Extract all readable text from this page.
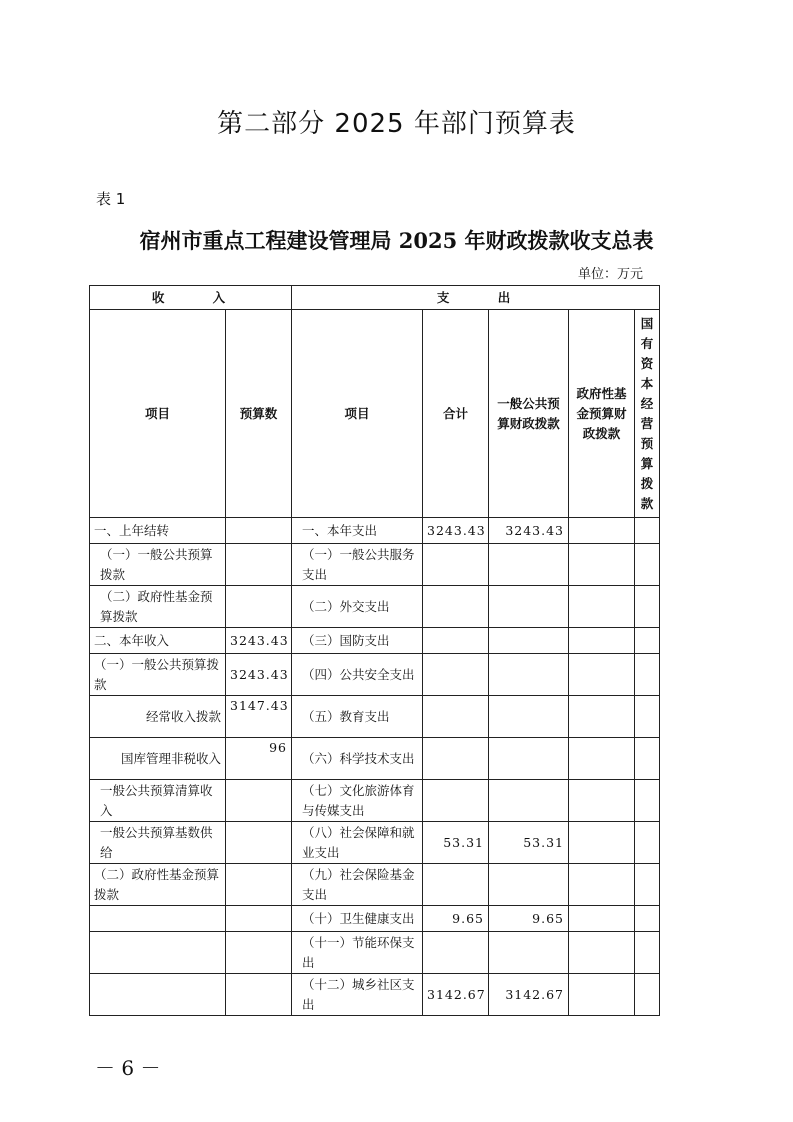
第二部分 2025 年部门预算表
表 1
宿州市重点工程建设管理局 2025 年财政拨款收支总表
单位：万元
收 入		支 出				
项目	预算数	项目	合计	一般公共预算财政拨款	政府性基金预算财政拨款	国有资本经营预算拨款
一、上年结转		一、本年支出	3243.43	3243.43		
（一）一般公共预算拨款		（一）一般公共服务支出				
（二）政府性基金预算拨款		（二）外交支出				
二、本年收入	3243.43	（三）国防支出				
（一）一般公共预算拨款	3243.43	（四）公共安全支出				
经常收入拨款	3147.43	（五）教育支出				
国库管理非税收入	96	（六）科学技术支出				
一般公共预算清算收入		（七）文化旅游体育与传媒支出				
一般公共预算基数供给		（八）社会保障和就业支出	53.31	53.31		
（二）政府性基金预算拨款		（九）社会保险基金支出				
		（十）卫生健康支出	9.65	9.65		
		（十一）节能环保支出				
		（十二）城乡社区支出	3142.67	3142.67		
－ 6 －
